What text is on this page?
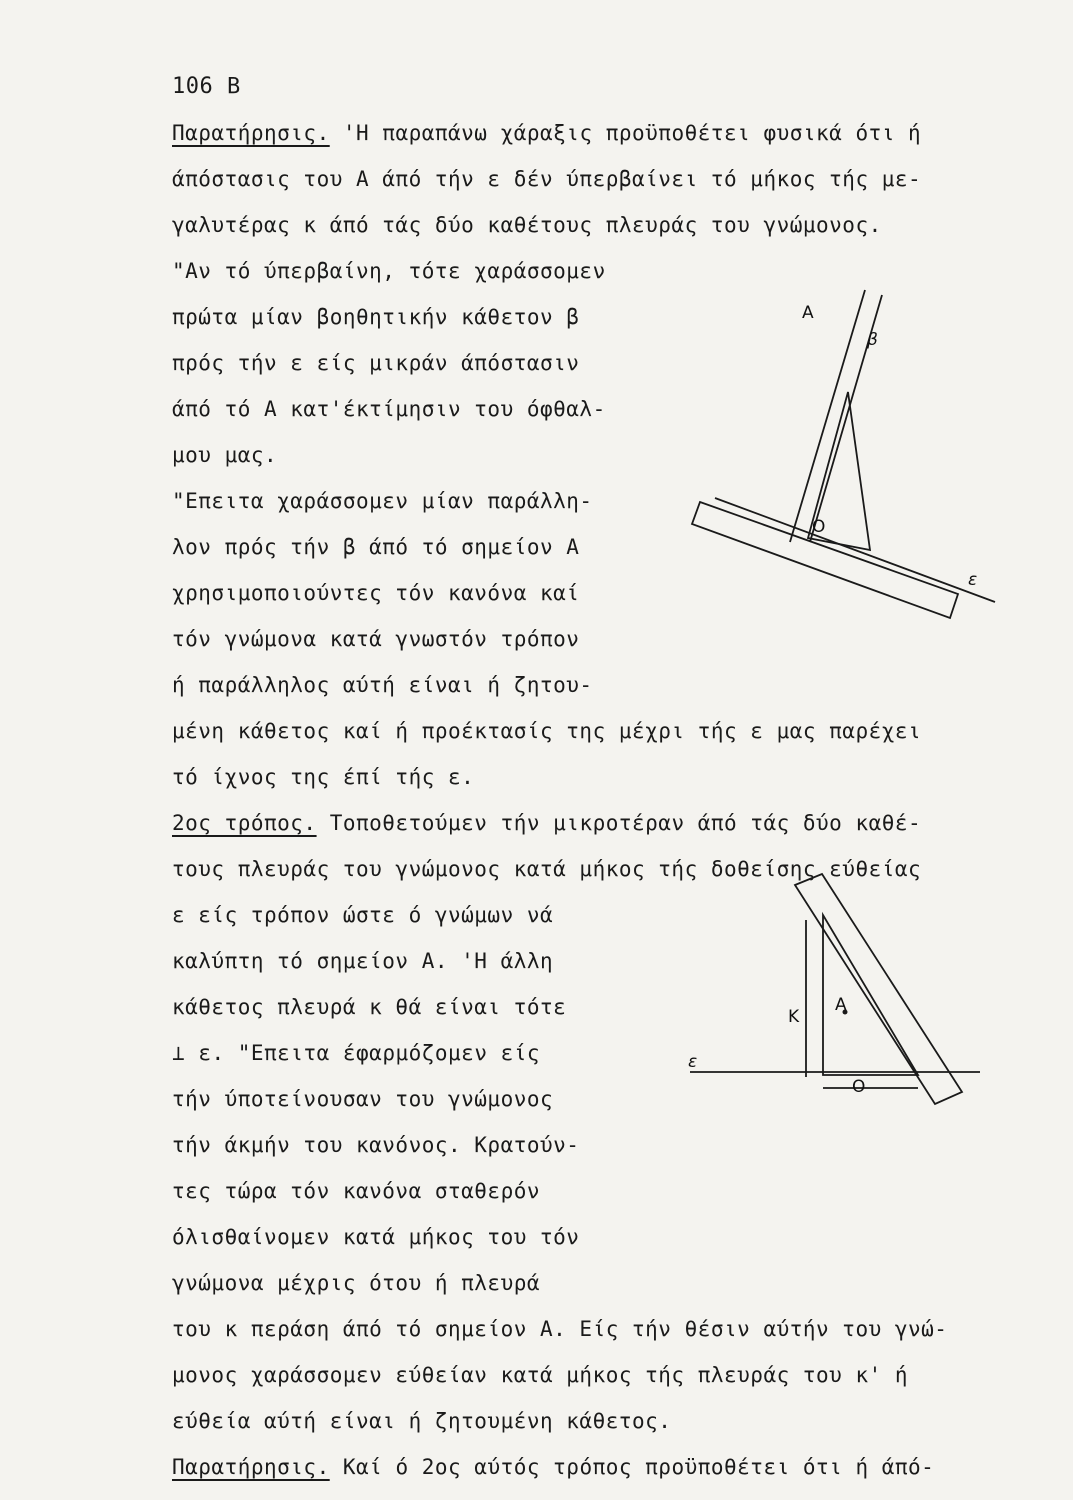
106 Β
Παρατήρησις. 'Η παραπάνω χάραξις προϋποθέτει φυσικά ότι ή
άπόστασις του Α άπό τήν ε δέν ύπερβαίνει τό μήκος τής με-
γαλυτέρας κ άπό τάς δύο καθέτους πλευράς του γνώμονος.
"Αν τό ύπερβαίνη, τότε χαράσσομεν
πρώτα μίαν βοηθητικήν κάθετον β
πρός τήν ε είς μικράν άπόστασιν
άπό τό Α κατ'έκτίμησιν του όφθαλ-
μου μας.
"Επειτα χαράσσομεν μίαν παράλλη-
λον πρός τήν β άπό τό σημείον Α
χρησιμοποιούντες τόν κανόνα καί
τόν γνώμονα κατά γνωστόν τρόπον
ή παράλληλος αύτή είναι ή ζητου-
μένη κάθετος καί ή προέκτασίς της μέχρι τής ε μας παρέχει
τό ίχνος της έπί τής ε.
2ος τρόπος. Τοποθετούμεν τήν μικροτέραν άπό τάς δύο καθέ-
τους πλευράς του γνώμονος κατά μήκος τής δοθείσης εύθείας
ε είς τρόπον ώστε ό γνώμων νά
καλύπτη τό σημείον Α. 'Η άλλη
κάθετος πλευρά κ θά είναι τότε
⊥ ε. "Επειτα έφαρμόζομεν είς
τήν ύποτείνουσαν του γνώμονος
τήν άκμήν του κανόνος. Κρατούν-
τες τώρα τόν κανόνα σταθερόν
όλισθαίνομεν κατά μήκος του τόν
γνώμονα μέχρις ότου ή πλευρά
του κ περάση άπό τό σημείον Α. Είς τήν θέσιν αύτήν του γνώ-
μονος χαράσσομεν εύθείαν κατά μήκος τής πλευράς του κ' ή
εύθεία αύτή είναι ή ζητουμένη κάθετος.
Παρατήρησις. Καί ό 2ος αύτός τρόπος προϋποθέτει ότι ή άπό-
Α
β
Ο
ε
ε
Κ
Α
Ο
